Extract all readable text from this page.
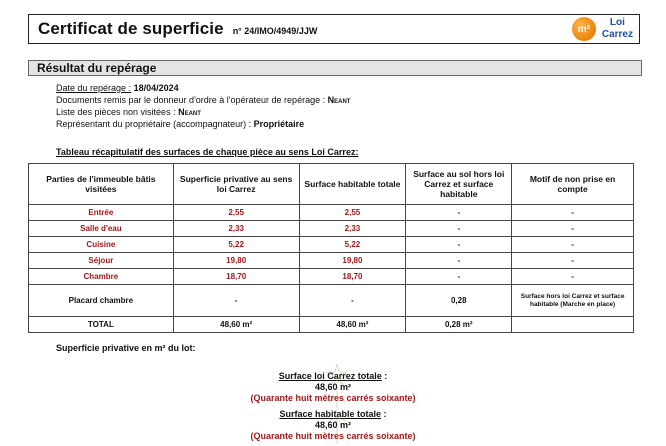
Certificat de superficie n° 24/IMO/4949/JJW	m²
Loi
Carrez
Résultat du repérage
Date du repérage : 18/04/2024
Documents remis par le donneur d'ordre à l'opérateur de repérage : Neant
Liste des pièces non visitées : Neant
Représentant du propriétaire (accompagnateur) : Propriétaire
Tableau récapitulatif des surfaces de chaque pièce au sens Loi Carrez:
Parties de l'immeuble bâtis visitées	Superficie privative au sens loi Carrez	Surface habitable totale	Surface au sol hors loi Carrez et surface habitable	Motif de non prise en compte
Entrée	2,55	2,55	-	-
Salle d'eau	2,33	2,33	-	-
Cuisine	5,22	5,22	-	-
Séjour	19,80	19,80	-	-
Chambre	18,70	18,70	-	-
Placard chambre	-	-	0,28	Surface hors loi Carrez et surface habitable (Marche en place)
TOTAL	48,60 m²	48,60 m²	0,28 m²	
Superficie privative en m² du lot:
Surface loi Carrez totale :
48,60 m²
(Quarante huit mètres carrés soixante)
Surface habitable totale :
48,60 m²
(Quarante huit mètres carrés soixante)
